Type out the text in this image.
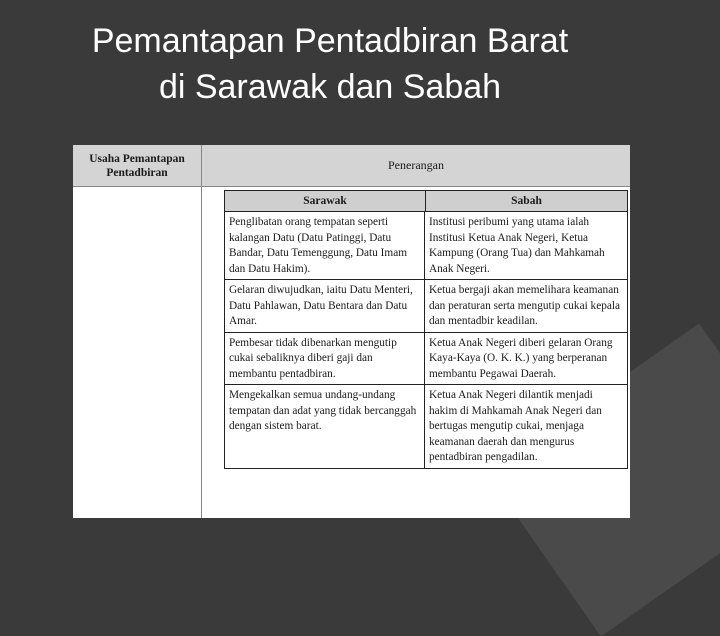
Pemantapan Pentadbiran Barat
di Sarawak dan Sabah
Usaha Pemantapan
Pentadbiran
Penerangan
Sarawak	Sabah
Penglibatan orang tempatan seperti kalangan Datu (Datu Patinggi, Datu Bandar, Datu Temenggung, Datu Imam dan Datu Hakim).
Institusi peribumi yang utama ialah Institusi Ketua Anak Negeri, Ketua Kampung (Orang Tua) dan Mahkamah Anak Negeri.
Gelaran diwujudkan, iaitu Datu Menteri, Datu Pahlawan, Datu Bentara dan Datu Amar.
Ketua bergaji akan memelihara keamanan dan peraturan serta mengutip cukai kepala dan mentadbir keadilan.
Pembesar tidak dibenarkan mengutip cukai sebaliknya diberi gaji dan membantu pentadbiran.
Ketua Anak Negeri diberi gelaran Orang Kaya-Kaya (O. K. K.) yang berperanan membantu Pegawai Daerah.
Mengekalkan semua undang-undang tempatan dan adat yang tidak bercanggah dengan sistem barat.
Ketua Anak Negeri dilantik menjadi hakim di Mahkamah Anak Negeri dan bertugas mengutip cukai, menjaga keamanan daerah dan mengurus pentadbiran pengadilan.
